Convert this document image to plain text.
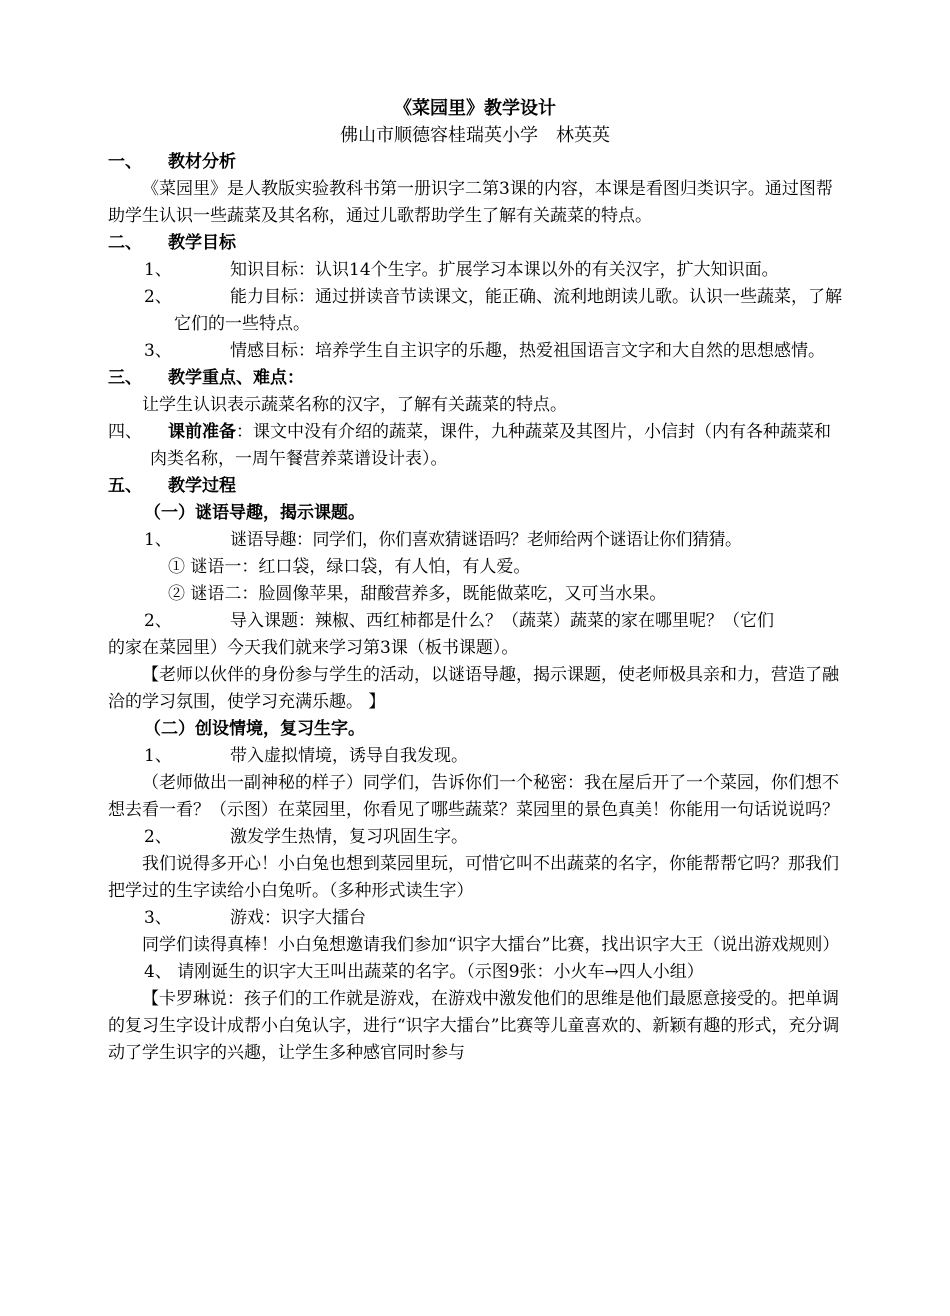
《菜园里》教学设计
佛山市顺德容桂瑞英小学　林英英

一、 教材分析

《菜园里》是人教版实验教科书第一册识字二第3课的内容，本课是看图归类识字。通过图帮助学生认识一些蔬菜及其名称，通过儿歌帮助学生了解有关蔬菜的特点。

二、 教学目标

1、	知识目标：认识14个生字。扩展学习本课以外的有关汉字，扩大知识面。
2、	能力目标：通过拼读音节读课文，能正确、流利地朗读儿歌。认识一些蔬菜，了解它们的一些特点。
3、	情感目标：培养学生自主识字的乐趣，热爱祖国语言文字和大自然的思想感情。

三、 教学重点、难点：

让学生认识表示蔬菜名称的汉字，了解有关蔬菜的特点。

四、 课前准备：课文中没有介绍的蔬菜，课件，九种蔬菜及其图片，小信封（内有各种蔬菜和肉类名称，一周午餐营养菜谱设计表）。

五、 教学过程

（一）谜语导趣，揭示课题。

1、	谜语导趣：同学们，你们喜欢猜谜语吗？老师给两个谜语让你们猜猜。

① 谜语一：红口袋，绿口袋，有人怕，有人爱。

② 谜语二：脸圆像苹果，甜酸营养多，既能做菜吃，又可当水果。

2、	导入课题：辣椒、西红柿都是什么？（蔬菜）蔬菜的家在哪里呢？（它们

的家在菜园里）今天我们就来学习第3课（板书课题）。

【老师以伙伴的身份参与学生的活动，以谜语导趣，揭示课题，使老师极具亲和力，营造了融洽的学习氛围，使学习充满乐趣。 】

（二）创设情境，复习生字。

1、	带入虚拟情境，诱导自我发现。

（老师做出一副神秘的样子）同学们，告诉你们一个秘密：我在屋后开了一个菜园，你们想不想去看一看？（示图）在菜园里，你看见了哪些蔬菜？菜园里的景色真美！你能用一句话说说吗？

2、	激发学生热情，复习巩固生字。

我们说得多开心！小白兔也想到菜园里玩，可惜它叫不出蔬菜的名字，你能帮帮它吗？那我们把学过的生字读给小白兔听。（多种形式读生字）

3、	游戏：识字大擂台

同学们读得真棒！小白兔想邀请我们参加“识字大擂台”比赛，找出识字大王（说出游戏规则）

4、 请刚诞生的识字大王叫出蔬菜的名字。（示图9张：小火车→四人小组）

【卡罗琳说：孩子们的工作就是游戏，在游戏中激发他们的思维是他们最愿意接受的。把单调的复习生字设计成帮小白兔认字，进行“识字大擂台”比赛等儿童喜欢的、新颖有趣的形式，充分调动了学生识字的兴趣，让学生多种感官同时参与
